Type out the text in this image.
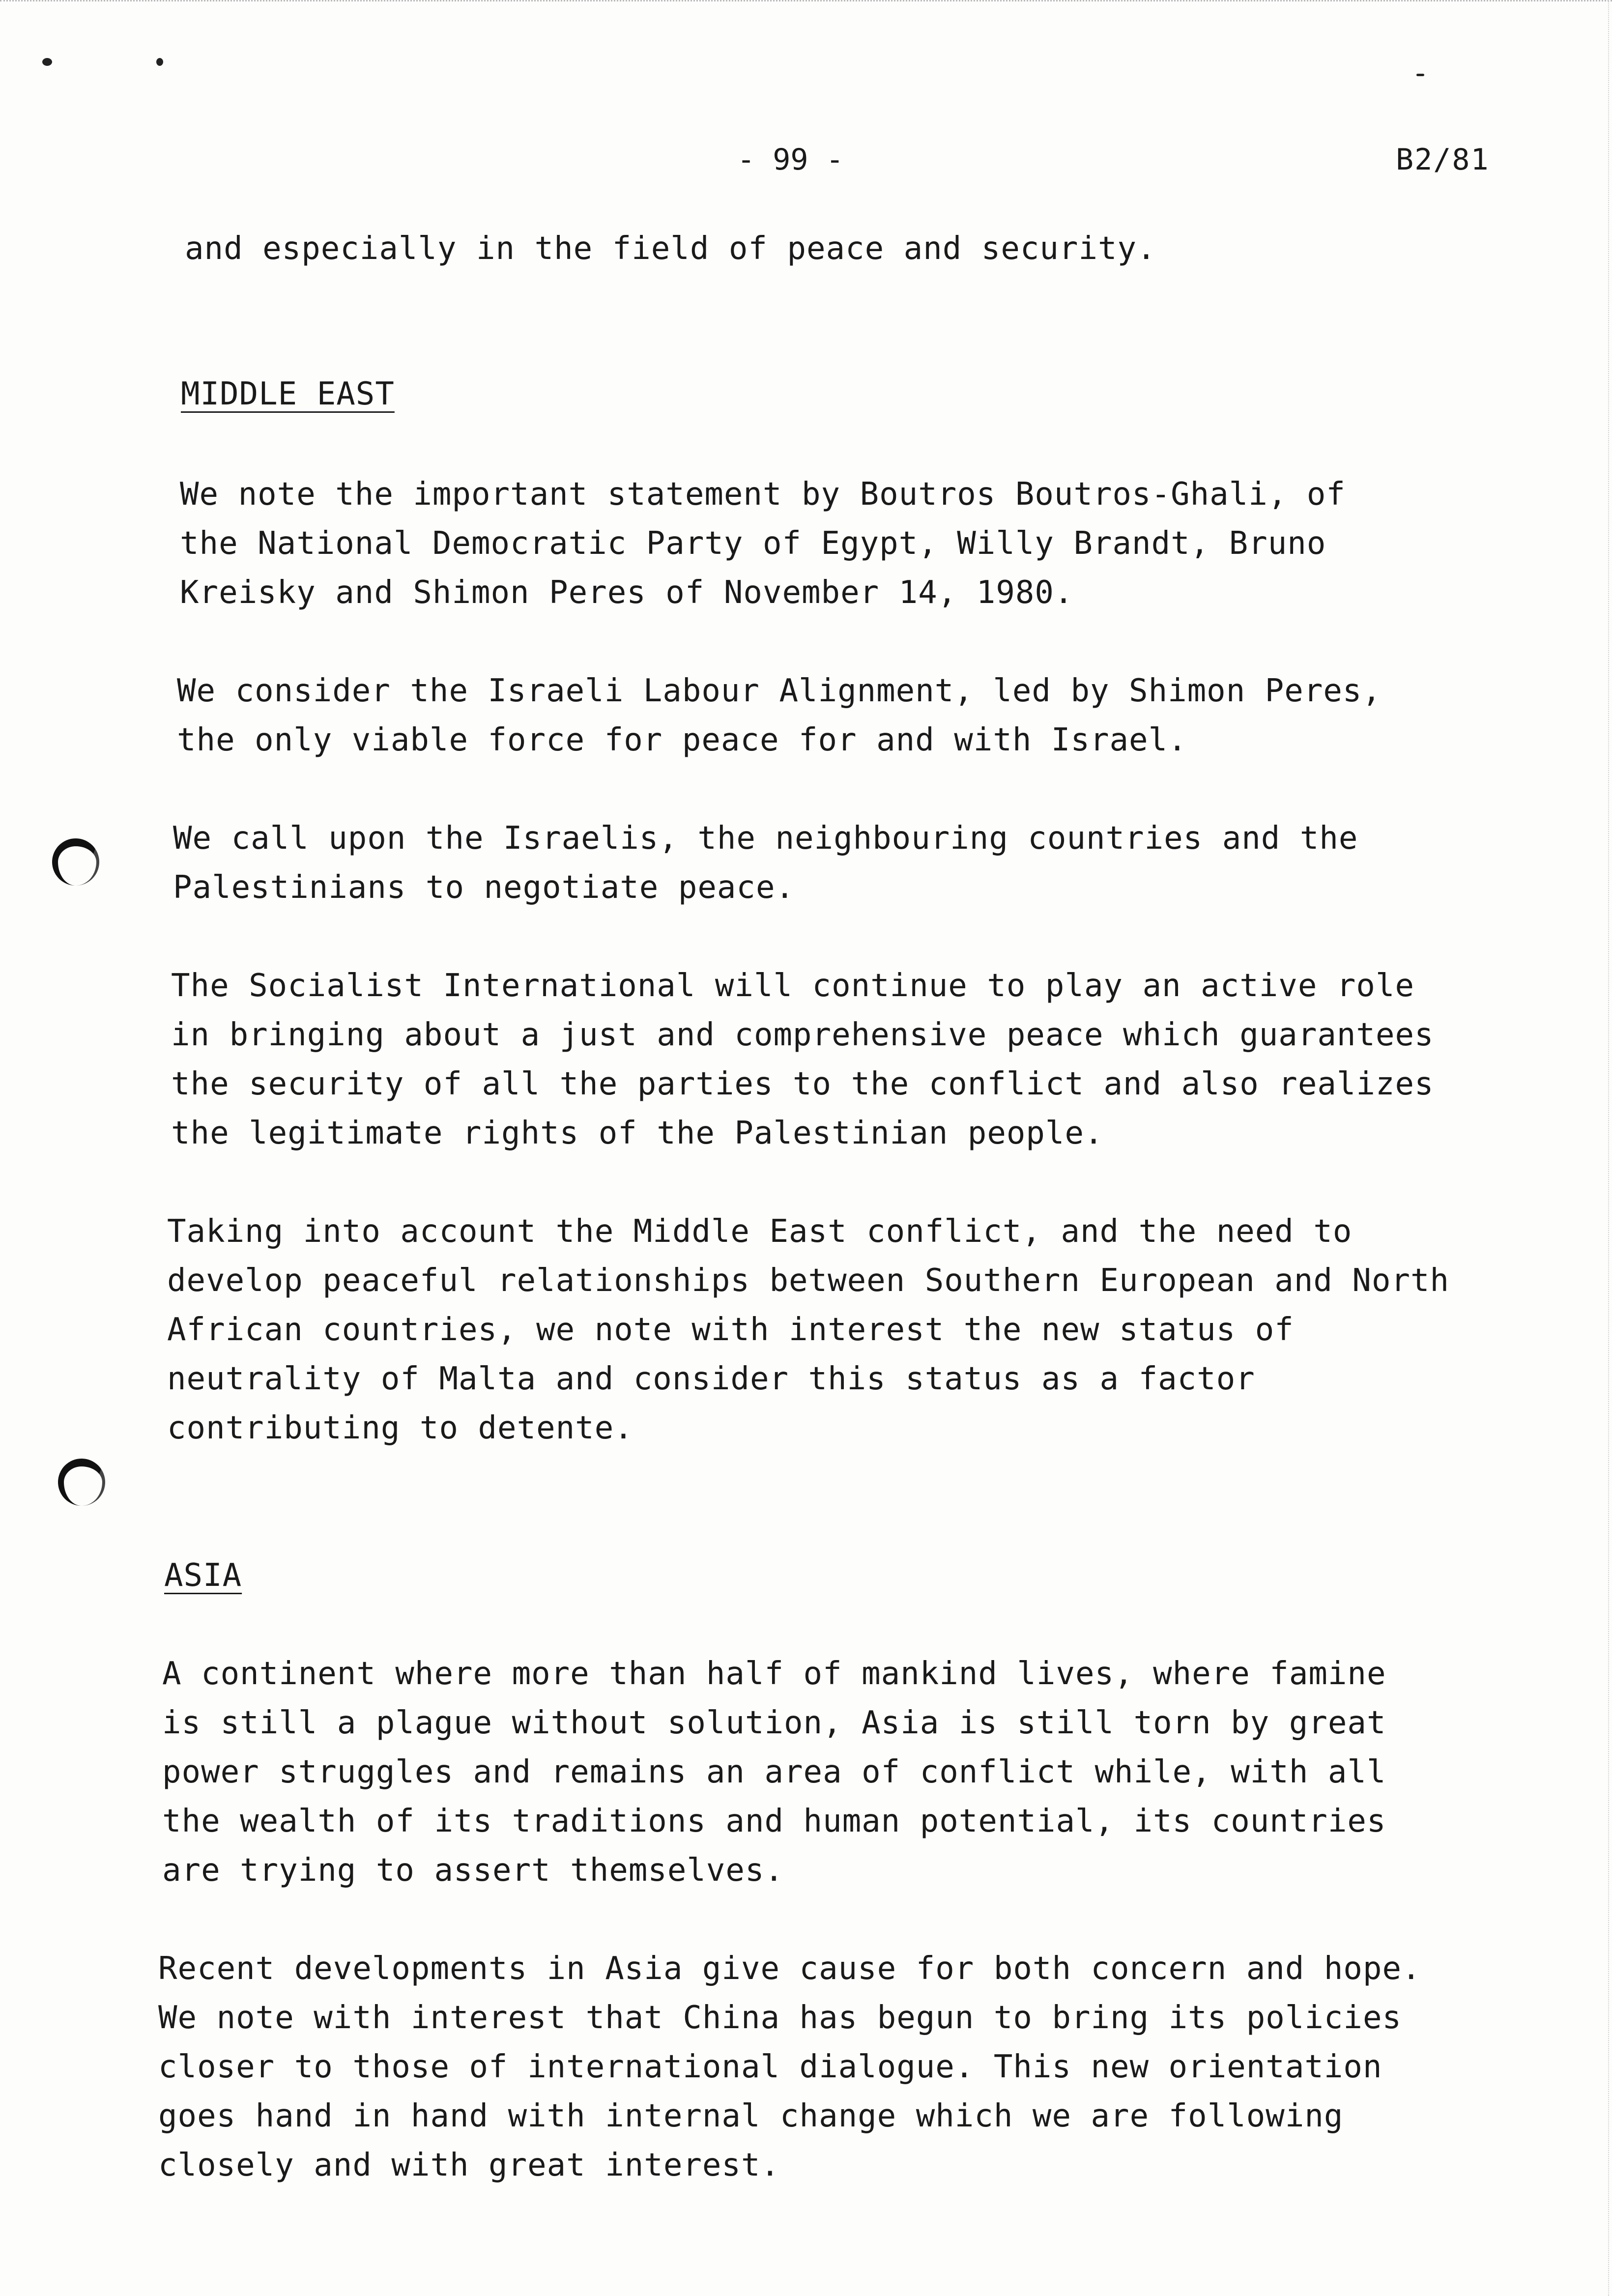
- 99 -	B2/81

and especially in the field of peace and security.

MIDDLE EAST

We note the important statement by Boutros Boutros-Ghali, of
the National Democratic Party of Egypt, Willy Brandt, Bruno
Kreisky and Shimon Peres of November 14, 1980.

We consider the Israeli Labour Alignment, led by Shimon Peres,
the only viable force for peace for and with Israel.

We call upon the Israelis, the neighbouring countries and the
Palestinians to negotiate peace.

The Socialist International will continue to play an active role
in bringing about a just and comprehensive peace which guarantees
the security of all the parties to the conflict and also realizes
the legitimate rights of the Palestinian people.

Taking into account the Middle East conflict, and the need to
develop peaceful relationships between Southern European and North
African countries, we note with interest the new status of
neutrality of Malta and consider this status as a factor
contributing to detente.

ASIA

A continent where more than half of mankind lives, where famine
is still a plague without solution, Asia is still torn by great
power struggles and remains an area of conflict while, with all
the wealth of its traditions and human potential, its countries
are trying to assert themselves.

Recent developments in Asia give cause for both concern and hope.
We note with interest that China has begun to bring its policies
closer to those of international dialogue. This new orientation
goes hand in hand with internal change which we are following
closely and with great interest.
